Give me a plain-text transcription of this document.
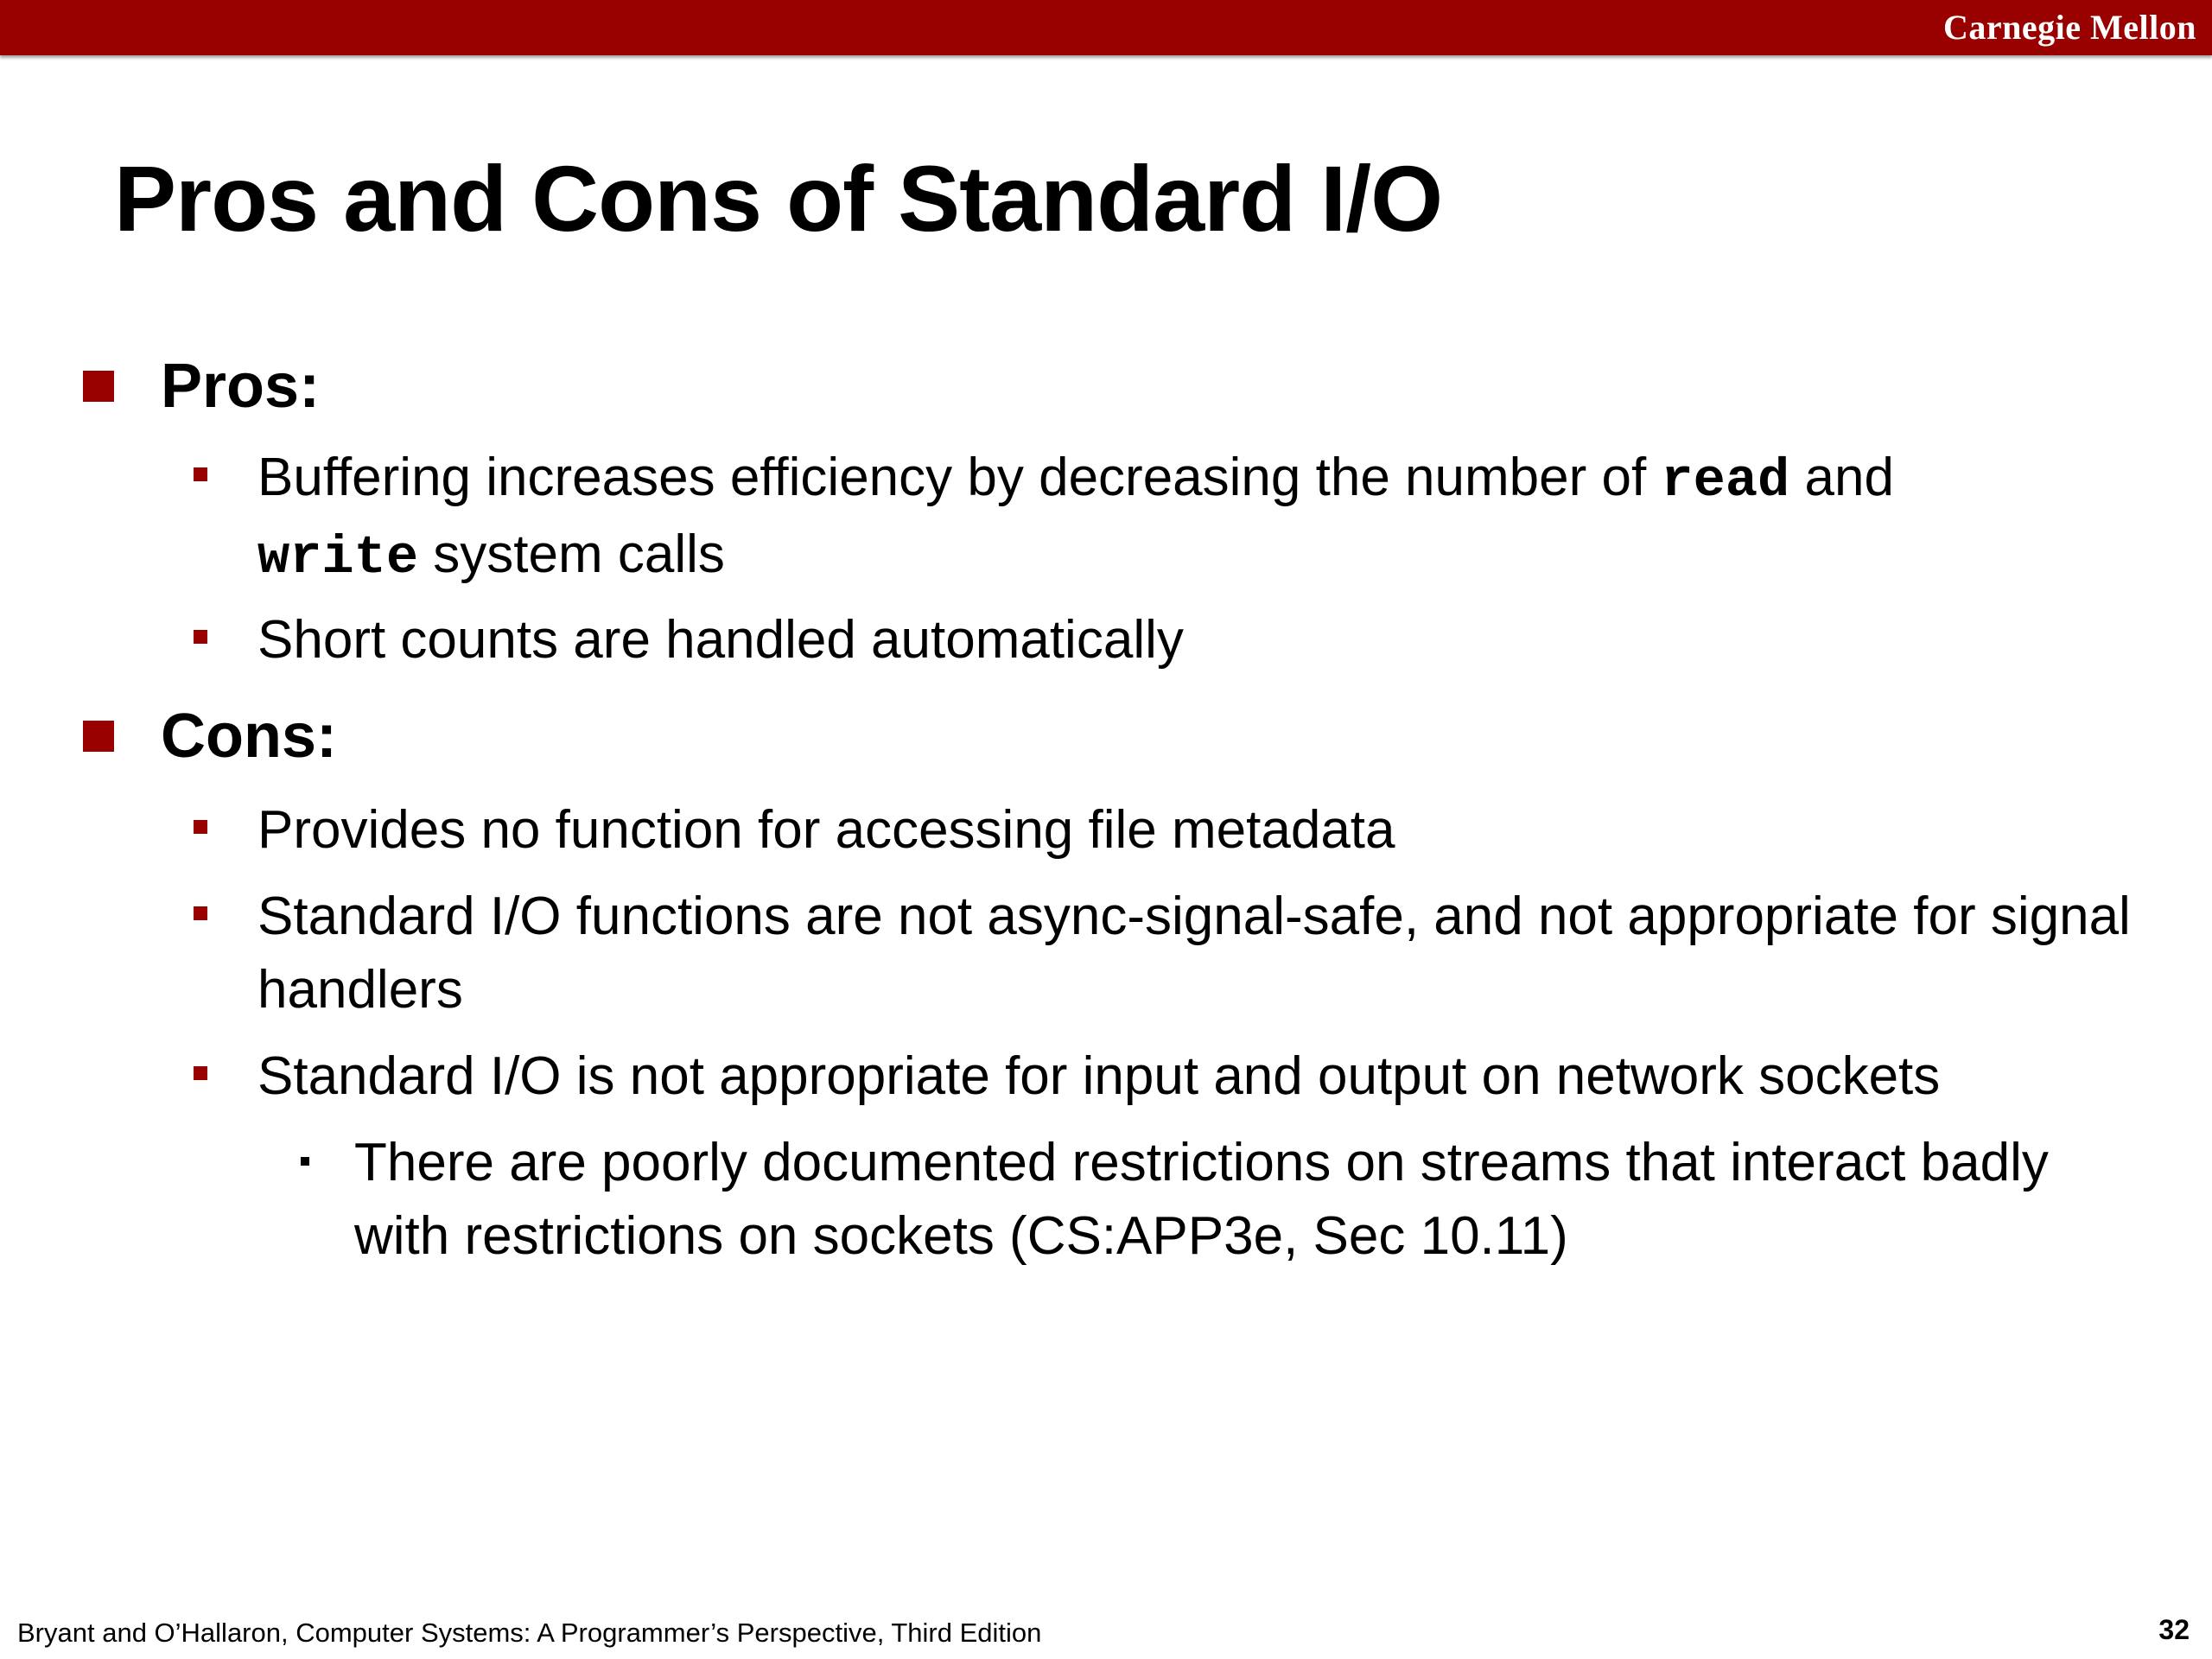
Carnegie Mellon
Pros and Cons of Standard I/O
Pros:
Buffering increases efficiency by decreasing the number of read and
write system calls
Short counts are handled automatically
Cons:
Provides no function for accessing file metadata
Standard I/O functions are not async-signal-safe, and not appropriate for signal handlers
Standard I/O is not appropriate for input and output on network sockets
There are poorly documented restrictions on streams that interact badly with restrictions on sockets (CS:APP3e, Sec 10.11)
Bryant and O’Hallaron, Computer Systems: A Programmer’s Perspective, Third Edition	32
